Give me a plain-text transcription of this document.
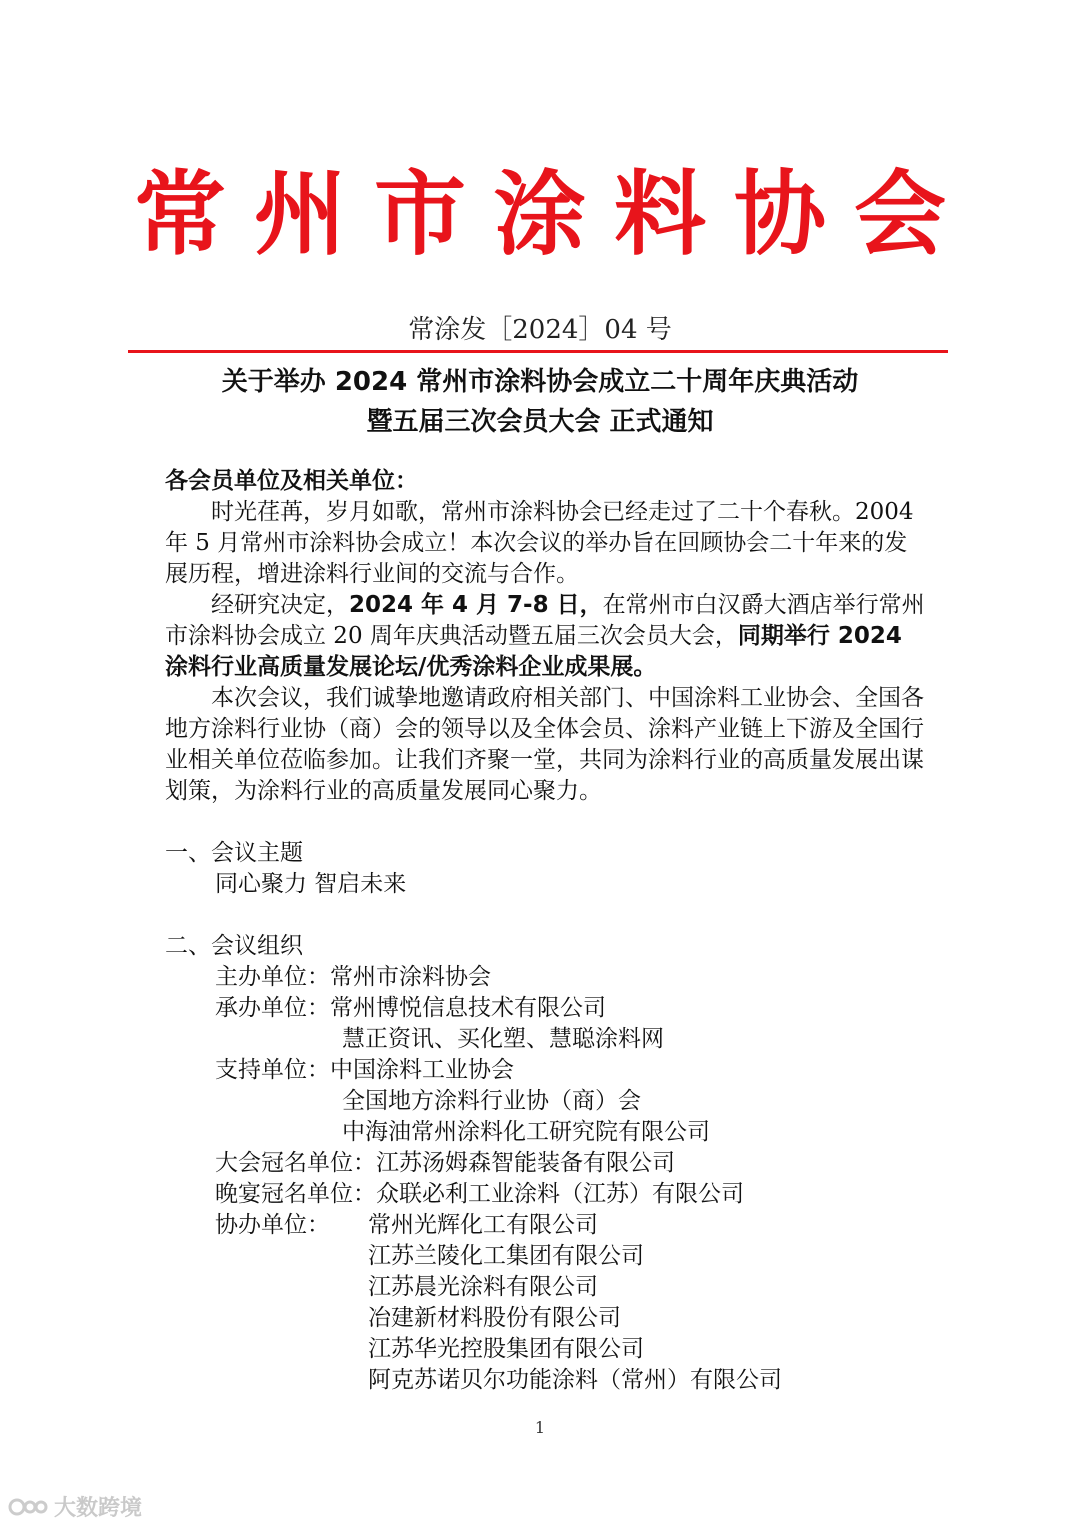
常州市涂料协会
常涂发［2024］04 号
关于举办 2024 常州市涂料协会成立二十周年庆典活动
暨五届三次会员大会 正式通知

各会员单位及相关单位：

时光荏苒，岁月如歌，常州市涂料协会已经走过了二十个春秋。2004 年 5 月常州市涂料协会成立！本次会议的举办旨在回顾协会二十年来的发展历程，增进涂料行业间的交流与合作。

经研究决定，2024 年 4 月 7-8 日，在常州市白汉爵大酒店举行常州市涂料协会成立 20 周年庆典活动暨五届三次会员大会，同期举行 2024 涂料行业高质量发展论坛/优秀涂料企业成果展。

本次会议，我们诚挚地邀请政府相关部门、中国涂料工业协会、全国各地方涂料行业协（商）会的领导以及全体会员、涂料产业链上下游及全国行业相关单位莅临参加。让我们齐聚一堂，共同为涂料行业的高质量发展出谋划策，为涂料行业的高质量发展同心聚力。

一、会议主题
同心聚力 智启未来
二、会议组织
主办单位： 常州市涂料协会
承办单位： 常州博悦信息技术有限公司
慧正资讯、买化塑、慧聪涂料网
支持单位： 中国涂料工业协会
全国地方涂料行业协（商）会
中海油常州涂料化工研究院有限公司
大会冠名单位： 江苏汤姆森智能装备有限公司
晚宴冠名单位： 众联必利工业涂料（江苏）有限公司
协办单位：	常州光辉化工有限公司
江苏兰陵化工集团有限公司
江苏晨光涂料有限公司
冶建新材料股份有限公司
江苏华光控股集团有限公司
阿克苏诺贝尔功能涂料（常州）有限公司
1
大数跨境
